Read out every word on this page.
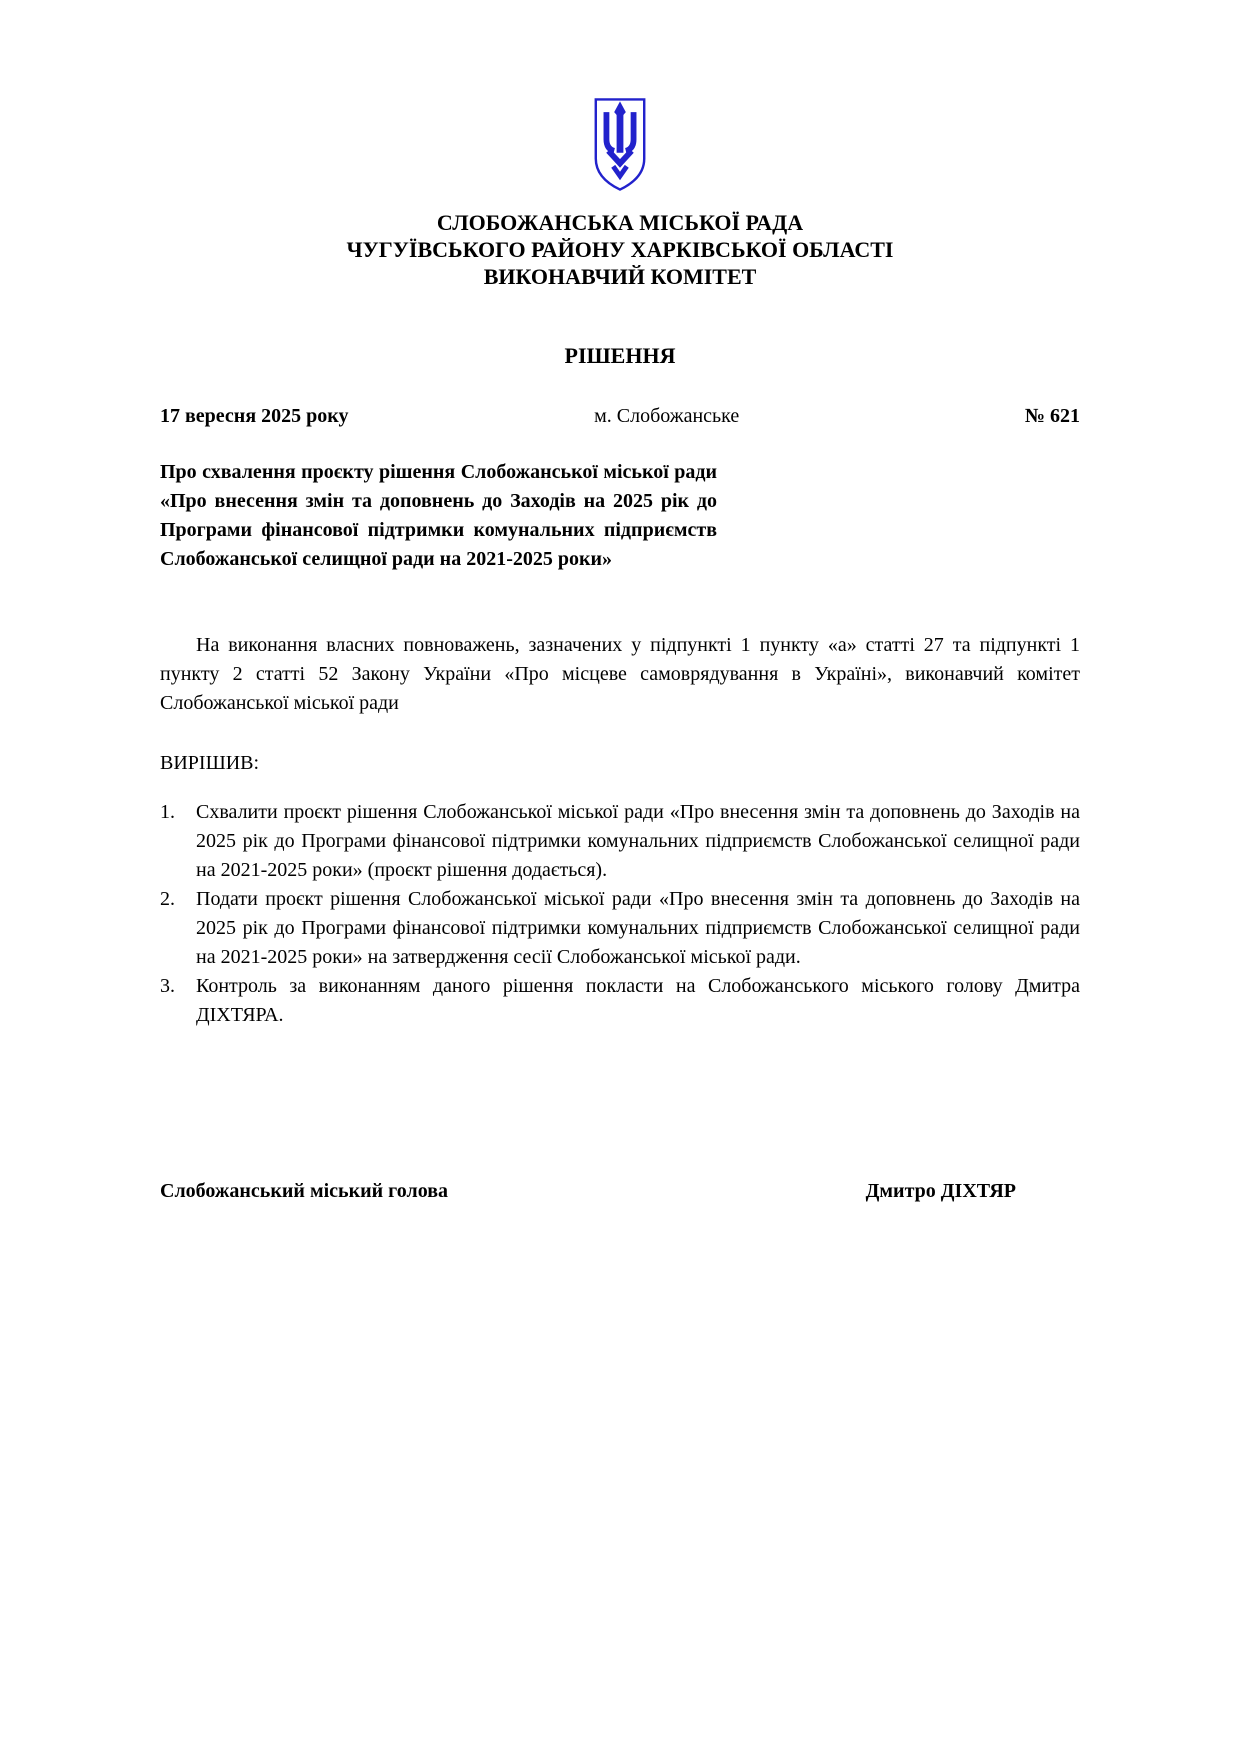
СЛОБОЖАНСЬКА МІСЬКОЇ РАДА
ЧУГУЇВСЬКОГО РАЙОНУ ХАРКІВСЬКОЇ ОБЛАСТІ
ВИКОНАВЧИЙ КОМІТЕТ
РІШЕННЯ
17 вересня 2025 року	м. Слобожанське	№ 621
Про схвалення проєкту рішення Слобожанської міської ради «Про внесення змін та доповнень до Заходів на 2025 рік до Програми фінансової підтримки комунальних підприємств Слобожанської селищної ради на 2021-2025 роки»
На виконання власних повноважень, зазначених у підпункті 1 пункту «а» статті 27 та підпункті 1 пункту 2 статті 52 Закону України «Про місцеве самоврядування в Україні», виконавчий комітет Слобожанської міської ради
ВИРІШИВ:
1.	Схвалити проєкт рішення Слобожанської міської ради «Про внесення змін та доповнень до Заходів на 2025 рік до Програми фінансової підтримки комунальних підприємств Слобожанської селищної ради на 2021-2025 роки» (проєкт рішення додається).
2.	Подати проєкт рішення Слобожанської міської ради «Про внесення змін та доповнень до Заходів на 2025 рік до Програми фінансової підтримки комунальних підприємств Слобожанської селищної ради на 2021-2025 роки» на затвердження сесії Слобожанської міської ради.
3.	Контроль за виконанням даного рішення покласти на Слобожанського міського голову Дмитра ДІХТЯРА.
Слобожанський міський голова	Дмитро ДІХТЯР
